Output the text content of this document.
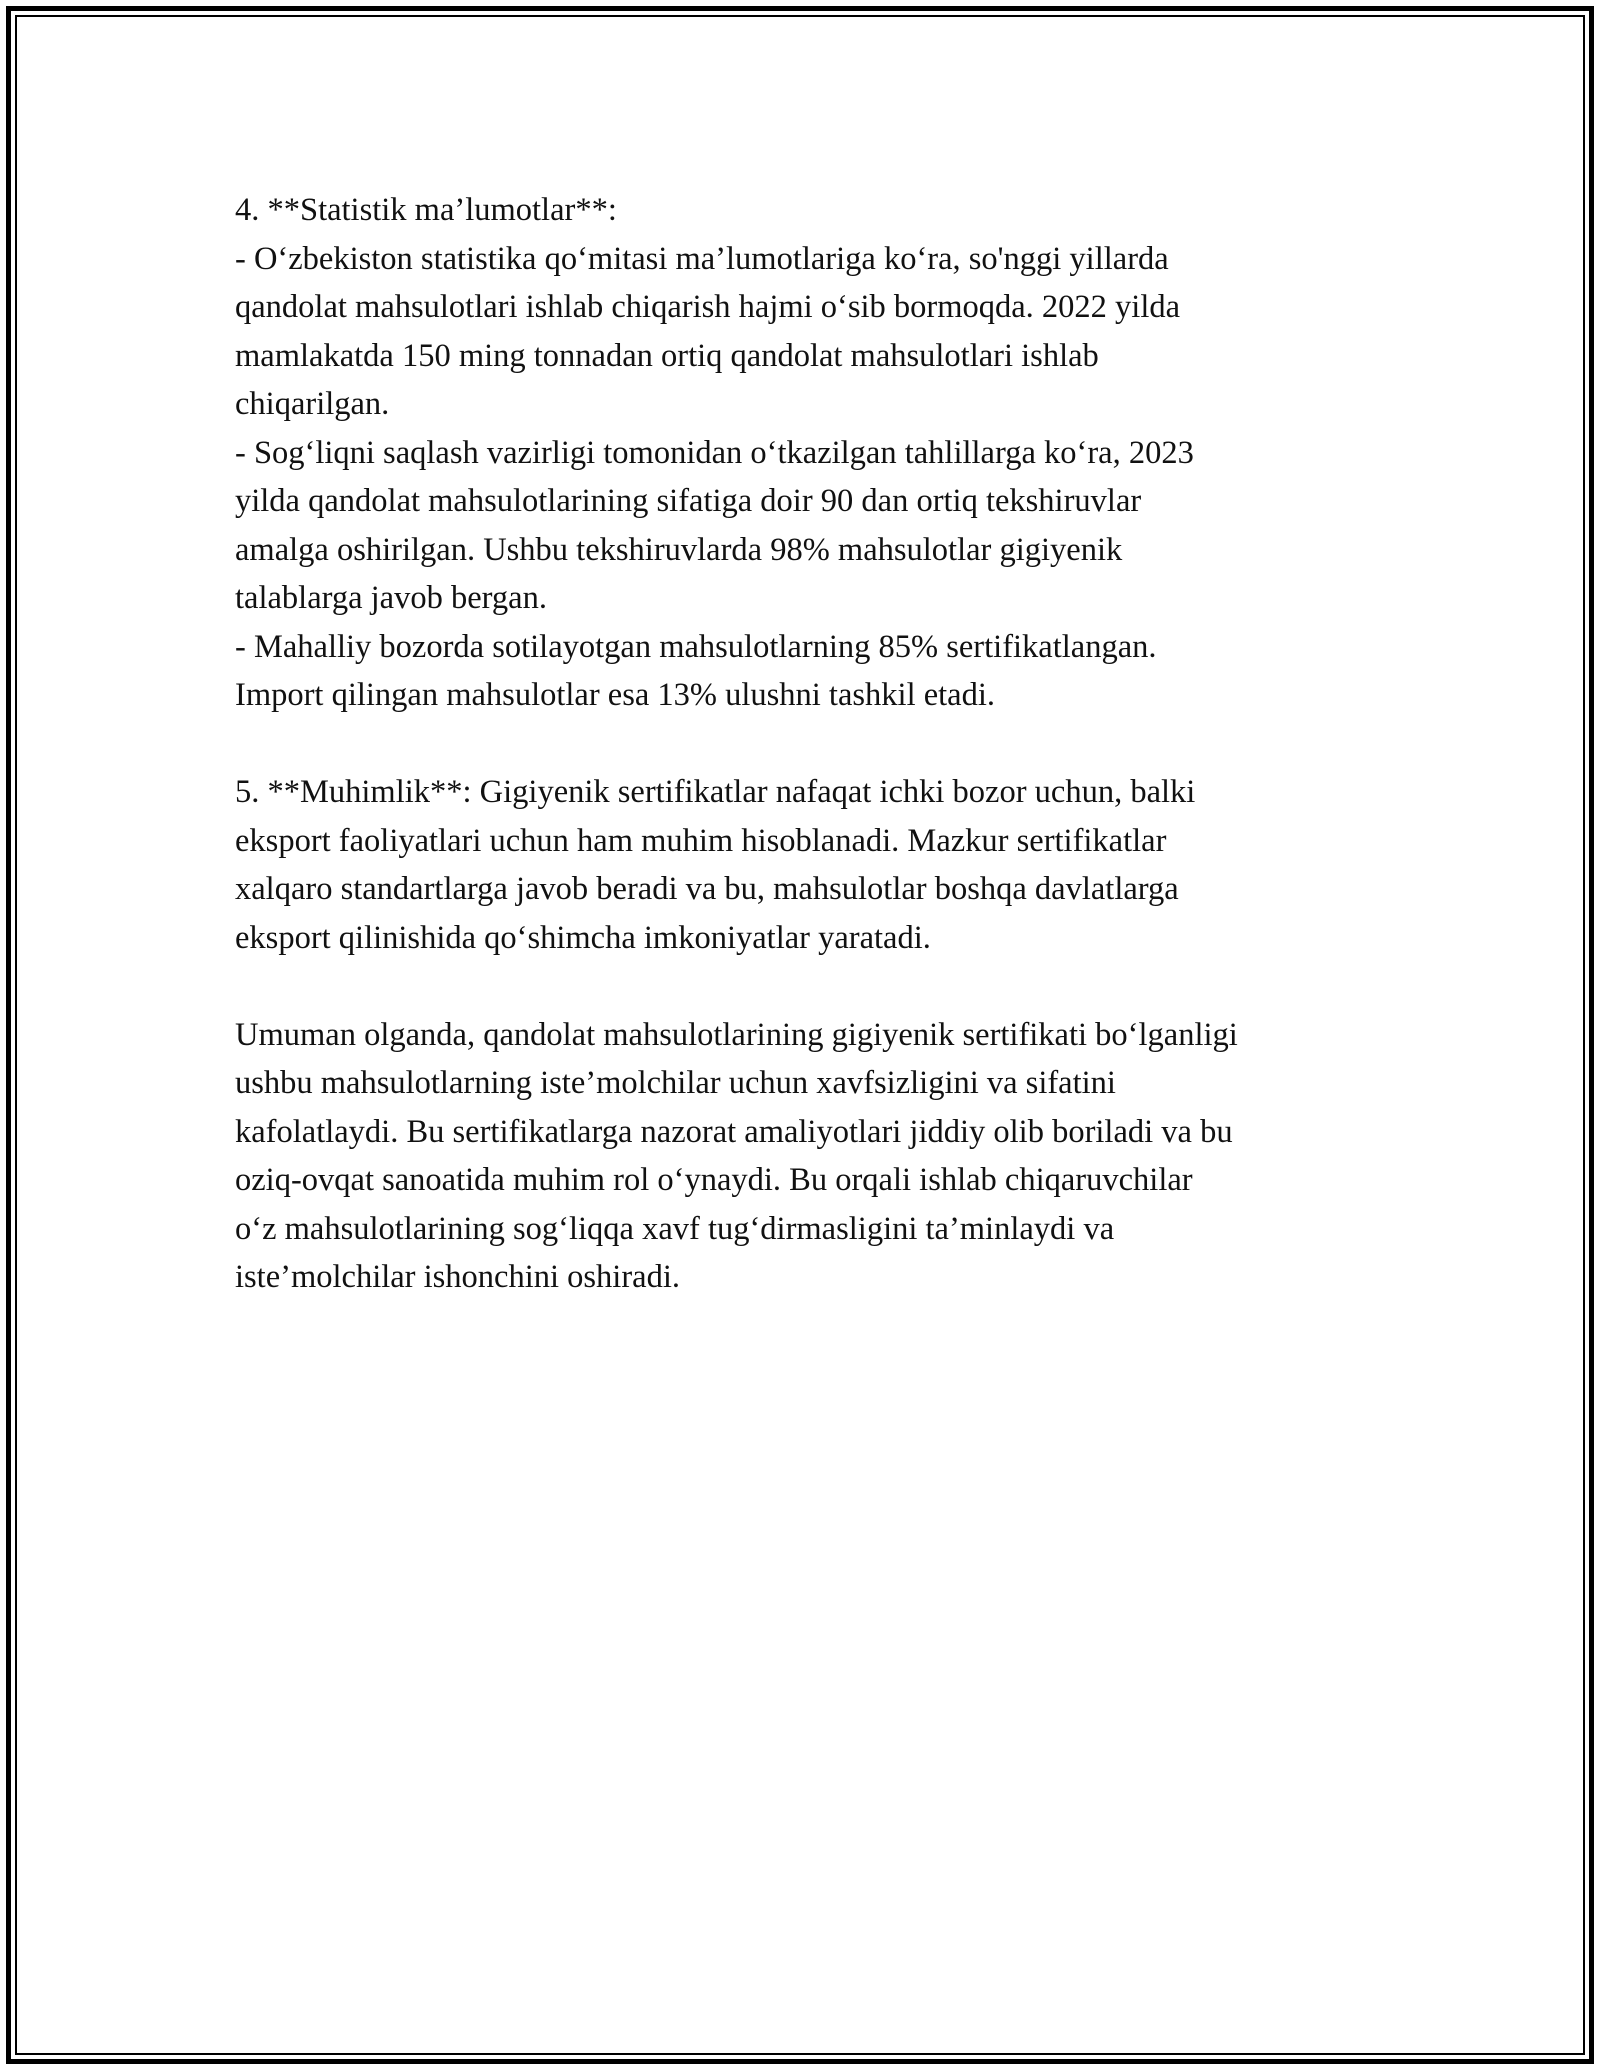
4. **Statistik ma’lumotlar**:

- O‘zbekiston statistika qo‘mitasi ma’lumotlariga ko‘ra, so'nggi yillarda
qandolat mahsulotlari ishlab chiqarish hajmi o‘sib bormoqda. 2022 yilda
mamlakatda 150 ming tonnadan ortiq qandolat mahsulotlari ishlab
chiqarilgan.

- Sog‘liqni saqlash vazirligi tomonidan o‘tkazilgan tahlillarga ko‘ra, 2023
yilda qandolat mahsulotlarining sifatiga doir 90 dan ortiq tekshiruvlar
amalga oshirilgan. Ushbu tekshiruvlarda 98% mahsulotlar gigiyenik
talablarga javob bergan.

- Mahalliy bozorda sotilayotgan mahsulotlarning 85% sertifikatlangan.
Import qilingan mahsulotlar esa 13% ulushni tashkil etadi.

5. **Muhimlik**: Gigiyenik sertifikatlar nafaqat ichki bozor uchun, balki
eksport faoliyatlari uchun ham muhim hisoblanadi. Mazkur sertifikatlar
xalqaro standartlarga javob beradi va bu, mahsulotlar boshqa davlatlarga
eksport qilinishida qo‘shimcha imkoniyatlar yaratadi.

Umuman olganda, qandolat mahsulotlarining gigiyenik sertifikati bo‘lganligi
ushbu mahsulotlarning iste’molchilar uchun xavfsizligini va sifatini
kafolatlaydi. Bu sertifikatlarga nazorat amaliyotlari jiddiy olib boriladi va bu
oziq-ovqat sanoatida muhim rol o‘ynaydi. Bu orqali ishlab chiqaruvchilar
o‘z mahsulotlarining sog‘liqqa xavf tug‘dirmasligini ta’minlaydi va
iste’molchilar ishonchini oshiradi.
